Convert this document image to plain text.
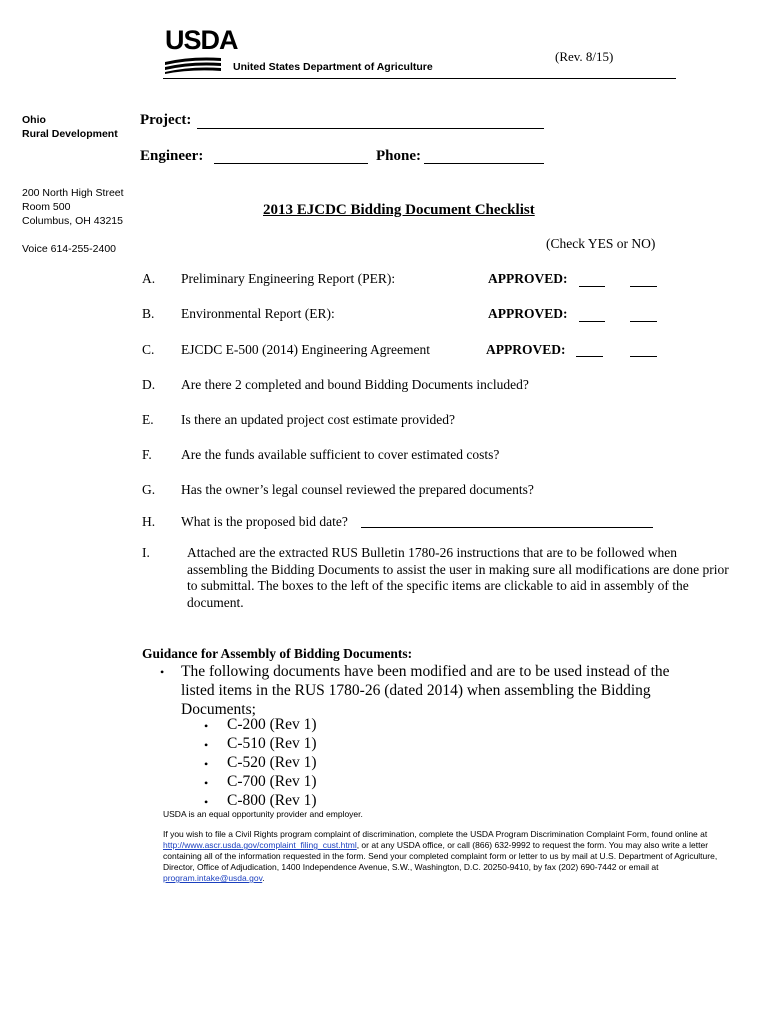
USDA
United States Department of Agriculture
(Rev. 8/15)
Ohio
Rural Development
200 North High Street
Room 500
Columbus, OH 43215
Voice 614-255-2400
Project:
Engineer:	Phone:
2013 EJCDC Bidding Document Checklist
(Check YES or NO)
A. Preliminary Engineering Report (PER):	APPROVED:
B. Environmental Report (ER):	APPROVED:
C. EJCDC E-500 (2014) Engineering Agreement	APPROVED:
D. Are there 2 completed and bound Bidding Documents included?
E. Is there an updated project cost estimate provided?
F. Are the funds available sufficient to cover estimated costs?
G. Has the owner’s legal counsel reviewed the prepared documents?
H. What is the proposed bid date?
I.	Attached are the extracted RUS Bulletin 1780-26 instructions that are to be followed when assembling the Bidding Documents to assist the user in making sure all modifications are done prior to submittal. The boxes to the left of the specific items are clickable to aid in assembly of the document.
Guidance for Assembly of Bidding Documents:
• The following documents have been modified and are to be used instead of the listed items in the RUS 1780-26 (dated 2014) when assembling the Bidding Documents;
• C-200 (Rev 1)
• C-510 (Rev 1)
• C-520 (Rev 1)
• C-700 (Rev 1)
• C-800 (Rev 1)
USDA is an equal opportunity provider and employer.
If you wish to file a Civil Rights program complaint of discrimination, complete the USDA Program Discrimination Complaint Form, found online at http://www.ascr.usda.gov/complaint_filing_cust.html, or at any USDA office, or call (866) 632-9992 to request the form. You may also write a letter containing all of the information requested in the form. Send your completed complaint form or letter to us by mail at U.S. Department of Agriculture, Director, Office of Adjudication, 1400 Independence Avenue, S.W., Washington, D.C. 20250-9410, by fax (202) 690-7442 or email at program.intake@usda.gov.
